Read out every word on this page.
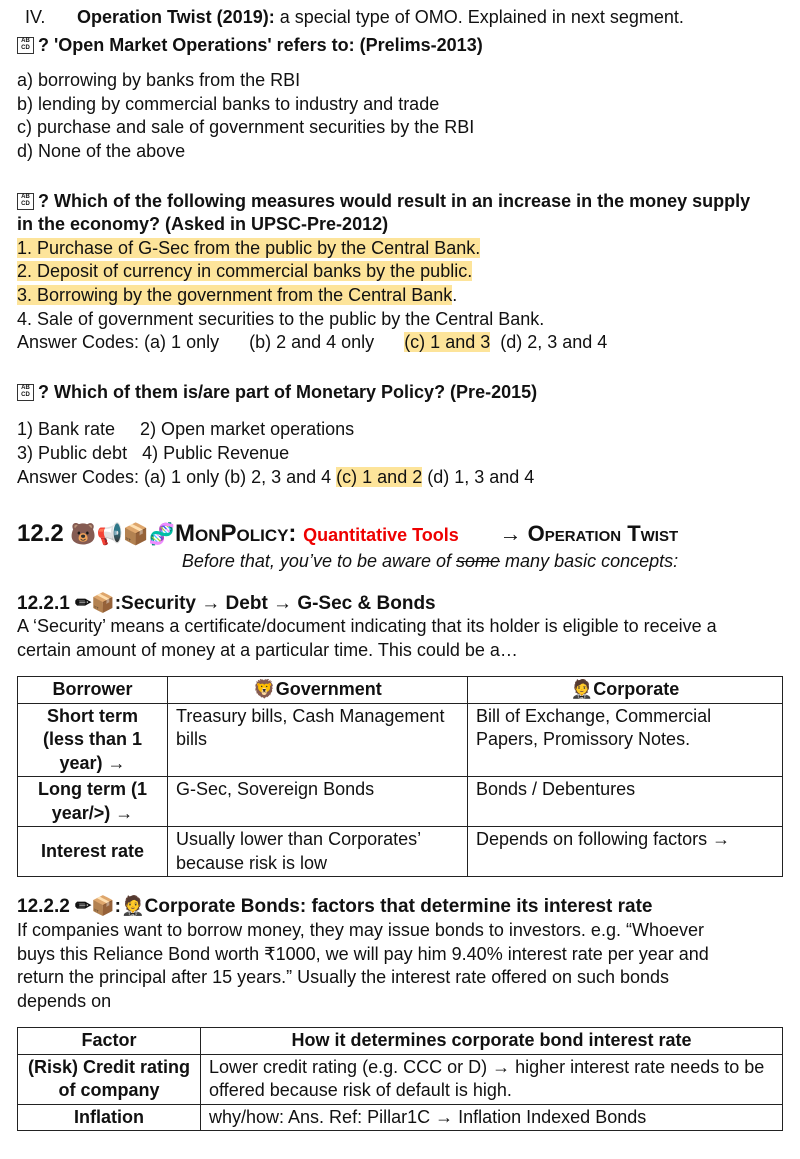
IV. Operation Twist (2019): a special type of OMO. Explained in next segment.
AB
CD ? 'Open Market Operations' refers to: (Prelims-2013)
a) borrowing by banks from the RBI
b) lending by commercial banks to industry and trade
c) purchase and sale of government securities by the RBI
d) None of the above
AB
CD ? Which of the following measures would result in an increase in the money supply
in the economy? (Asked in UPSC-Pre-2012)
1. Purchase of G-Sec from the public by the Central Bank.
2. Deposit of currency in commercial banks by the public.
3. Borrowing by the government from the Central Bank.
4. Sale of government securities to the public by the Central Bank.
Answer Codes: (a) 1 only      (b) 2 and 4 only (c) 1 and 3  (d) 2, 3 and 4
AB
CD ? Which of them is/are part of Monetary Policy? (Pre-2015)
1) Bank rate     2) Open market operations
3) Public debt   4) Public Revenue
Answer Codes: (a) 1 only (b) 2, 3 and 4 (c) 1 and 2 (d) 1, 3 and 4
12.2 🐻📢📦🧬MonPolicy: Quantitative Tools → Operation Twist
Before that, you’ve to be aware of some many basic concepts:
12.2.1 ✏📦:Security → Debt → G-Sec & Bonds
A ‘Security’ means a certificate/document indicating that its holder is eligible to receive a
certain amount of money at a particular time. This could be a…
Borrower	🦁Government	🤵Corporate
Short term (less than 1 year) →	Treasury bills, Cash Management bills	Bill of Exchange, Commercial Papers, Promissory Notes.
Long term (1 year/>) →	G-Sec, Sovereign Bonds	Bonds / Debentures
Interest rate	Usually lower than Corporates’ because risk is low	Depends on following factors →
12.2.2 ✏📦:🤵Corporate Bonds: factors that determine its interest rate
If companies want to borrow money, they may issue bonds to investors. e.g. “Whoever
buys this Reliance Bond worth ₹1000, we will pay him 9.40% interest rate per year and
return the principal after 15 years.” Usually the interest rate offered on such bonds
depends on
Factor	How it determines corporate bond interest rate
(Risk) Credit rating of company	Lower credit rating (e.g. CCC or D) → higher interest rate needs to be offered because risk of default is high.
Inflation	why/how: Ans. Ref: Pillar1C → Inflation Indexed Bonds
